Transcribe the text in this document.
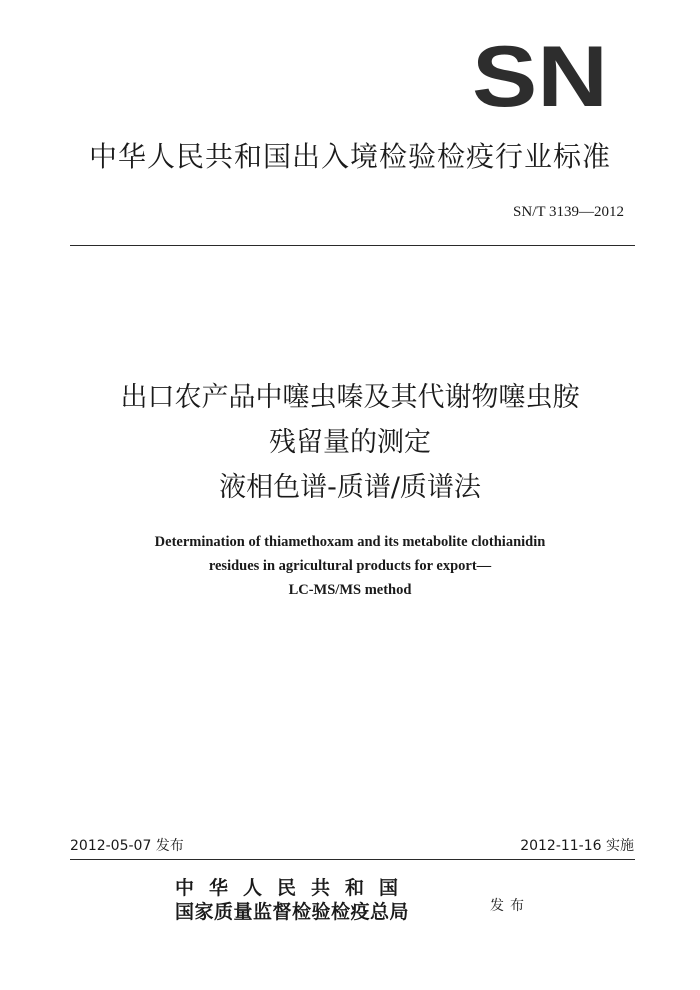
SN
中华人民共和国出入境检验检疫行业标准
SN/T 3139—2012
出口农产品中噻虫嗪及其代谢物噻虫胺
残留量的测定
液相色谱-质谱/质谱法
Determination of thiamethoxam and its metabolite clothianidin
residues in agricultural products for export—
LC-MS/MS method
2012-05-07 发布	2012-11-16 实施
中华人民共和国
国家质量监督检验检疫总局	发布
